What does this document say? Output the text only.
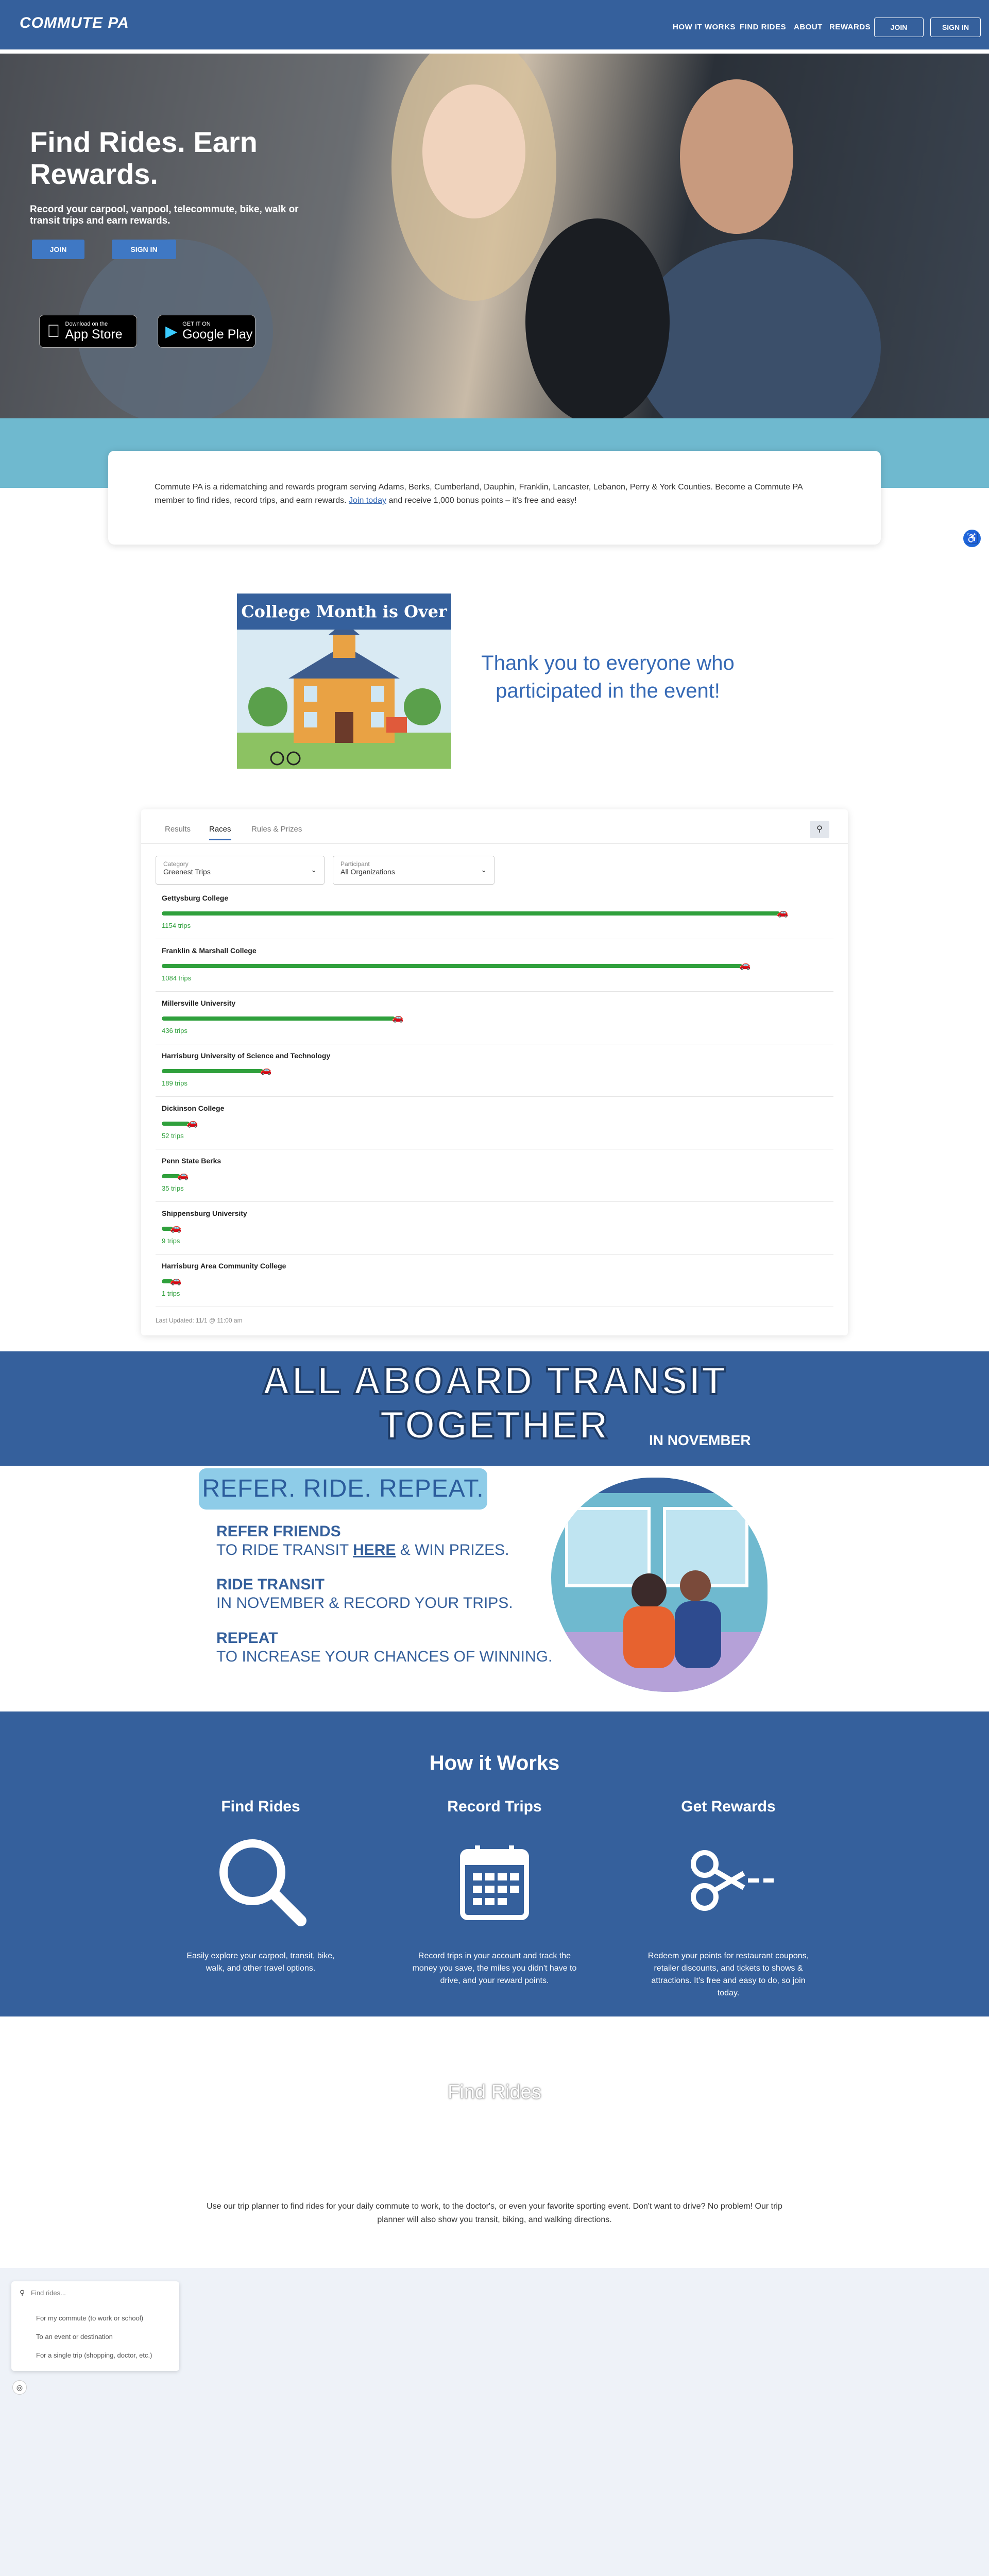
COMMUTE PA	HOW IT WORKS FIND RIDES ABOUT REWARDS	JOIN	SIGN IN
Find Rides. Earn Rewards.
Record your carpool, vanpool, telecommute, bike, walk or transit trips and earn rewards.
JOIN	SIGN IN
Download on the
App Store	▶ GET IT ON
Google Play
Commute PA is a ridematching and rewards program serving Adams, Berks, Cumberland, Dauphin, Franklin, Lancaster, Lebanon, Perry & York Counties. Become a Commute PA member to find rides, record trips, and earn rewards. Join today and receive 1,000 bonus points – it's free and easy!
♿
College Month is Over
Thank you to everyone who participated in the event!
Results Races	Rules & Prizes	⚲
Category
Greenest Trips	⌄
Participant
All Organizations	⌄
Gettysburg College
🚗
1154 trips
Franklin & Marshall College
🚗
1084 trips
Millersville University
🚗
436 trips
Harrisburg University of Science and Technology
🚗
189 trips
Dickinson College
🚗
52 trips
Penn State Berks
🚗
35 trips
Shippensburg University
🚗
9 trips
Harrisburg Area Community College
🚗
1 trips
Last Updated: 11/1 @ 11:00 am
ALL ABOARD TRANSIT TOGETHER	IN NOVEMBER
REFER. RIDE. REPEAT.
REFER FRIENDS
TO RIDE TRANSIT HERE & WIN PRIZES.
RIDE TRANSIT
IN NOVEMBER & RECORD YOUR TRIPS.
REPEAT
TO INCREASE YOUR CHANCES OF WINNING.
How it Works
Find Rides

Easily explore your carpool, transit, bike, walk, and other travel options.

Record Trips

Record trips in your account and track the money you save, the miles you didn't have to drive, and your reward points.

Get Rewards

Redeem your points for restaurant coupons, retailer discounts, and tickets to shows & attractions. It's free and easy to do, so join today.

Find Rides
Use our trip planner to find rides for your daily commute to work, to the doctor's, or even your favorite sporting event. Don't want to drive? No problem! Our trip planner will also show you transit, biking, and walking directions.
⚲
Find rides...
For my commute (to work or school)
To an event or destination
For a single trip (shopping, doctor, etc.)
◎
